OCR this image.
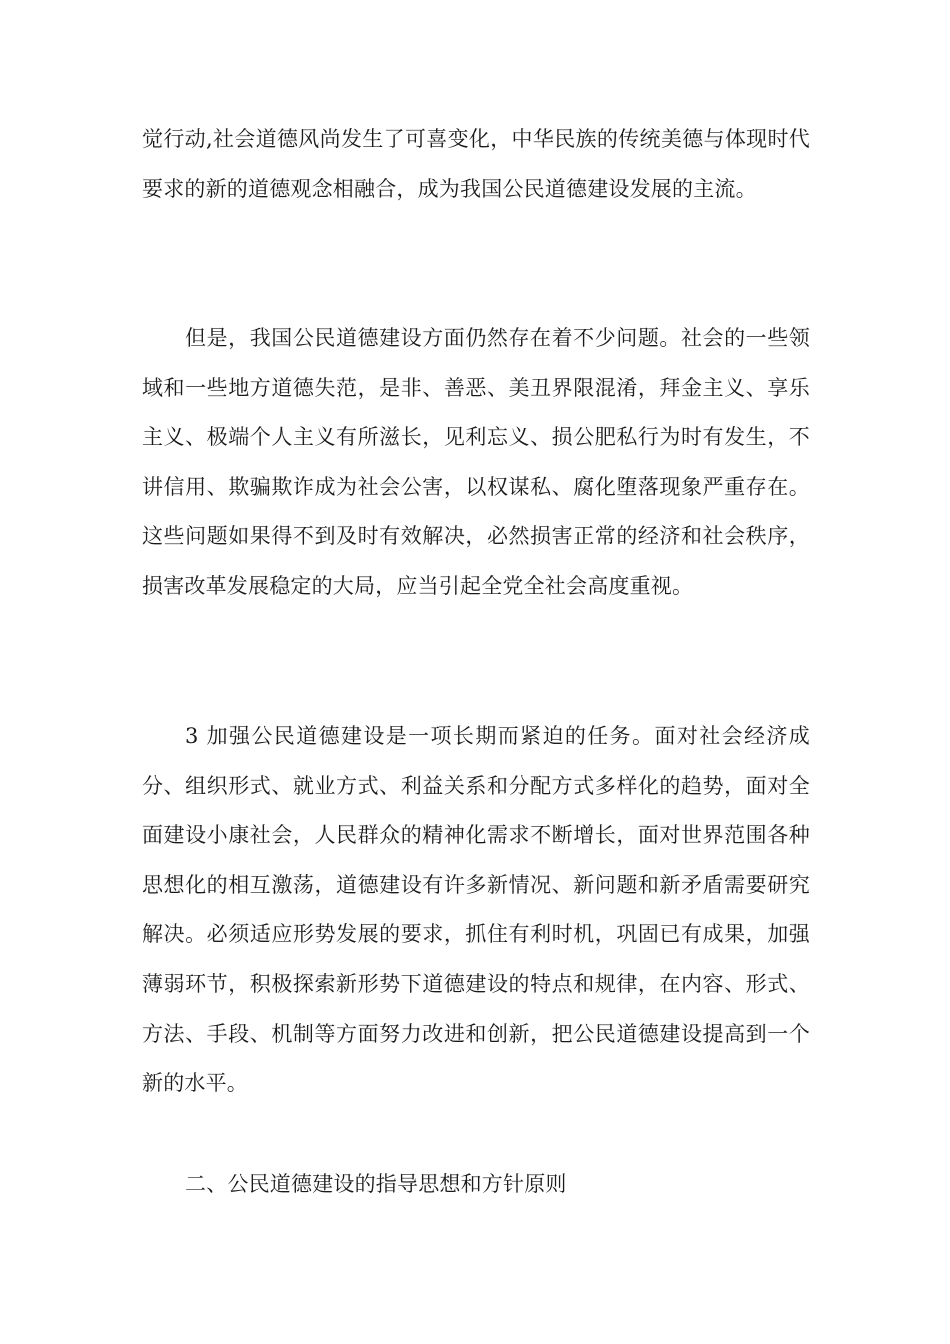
觉行动,社会道德风尚发生了可喜变化，中华民族的传统美德与体现时代要求的新的道德观念相融合，成为我国公民道德建设发展的主流。

但是，我国公民道德建设方面仍然存在着不少问题。社会的一些领域和一些地方道德失范，是非、善恶、美丑界限混淆，拜金主义、享乐主义、极端个人主义有所滋长，见利忘义、损公肥私行为时有发生，不讲信用、欺骗欺诈成为社会公害，以权谋私、腐化堕落现象严重存在。这些问题如果得不到及时有效解决，必然损害正常的经济和社会秩序，损害改革发展稳定的大局，应当引起全党全社会高度重视。

3 加强公民道德建设是一项长期而紧迫的任务。面对社会经济成分、组织形式、就业方式、利益关系和分配方式多样化的趋势，面对全面建设小康社会，人民群众的精神化需求不断增长，面对世界范围各种思想化的相互激荡，道德建设有许多新情况、新问题和新矛盾需要研究解决。必须适应形势发展的要求，抓住有利时机，巩固已有成果，加强薄弱环节，积极探索新形势下道德建设的特点和规律，在内容、形式、方法、手段、机制等方面努力改进和创新，把公民道德建设提高到一个新的水平。

二、公民道德建设的指导思想和方针原则
